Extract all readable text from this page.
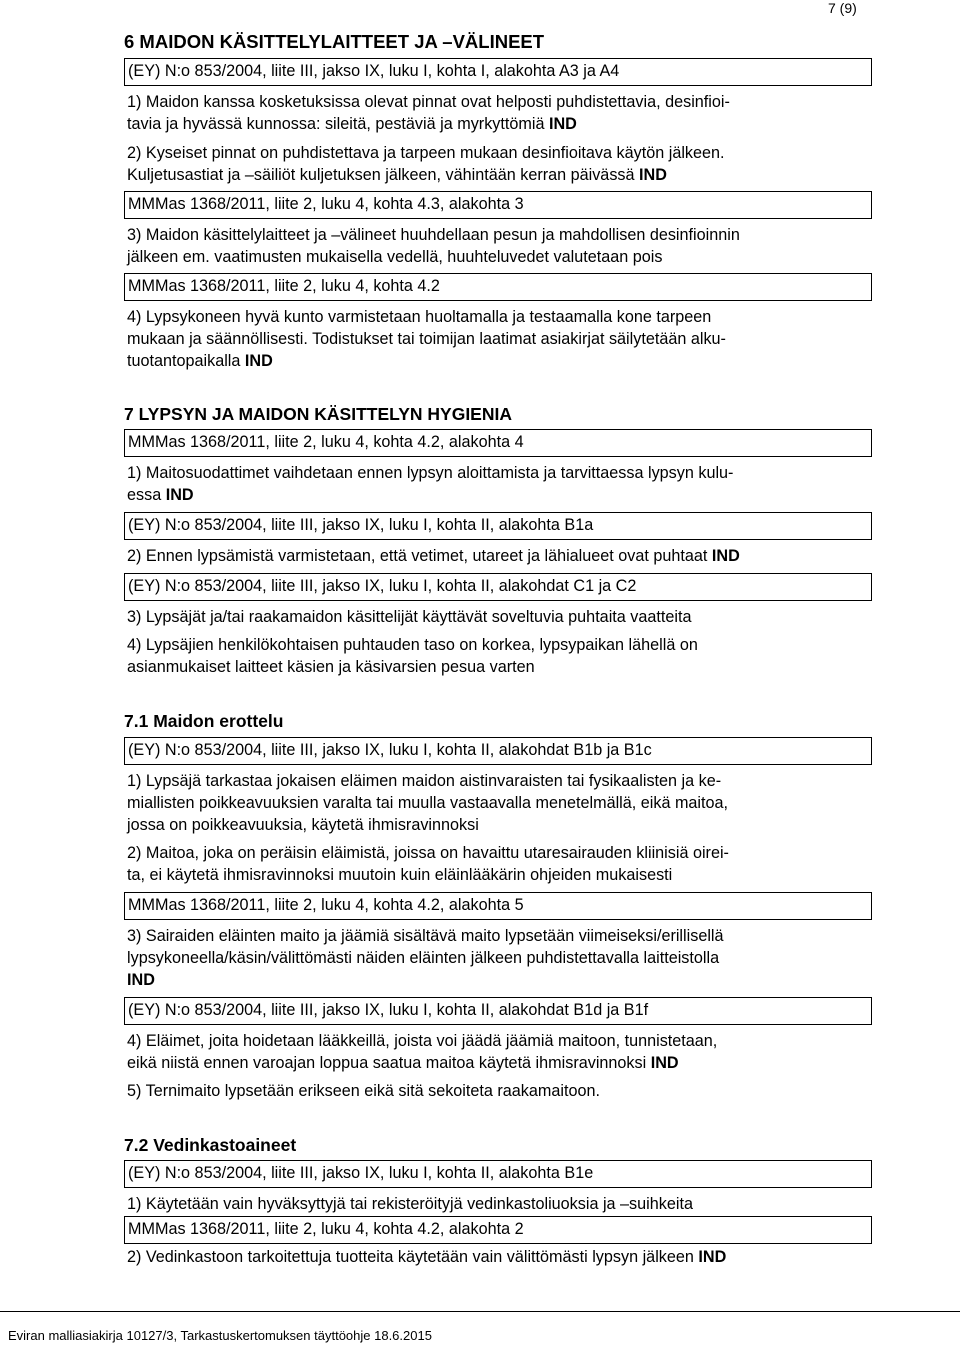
7 (9)
6 MAIDON KÄSITTELYLAITTEET JA –VÄLINEET
(EY) N:o 853/2004, liite III, jakso IX, luku I, kohta I, alakohta A3 ja A4
1) Maidon kanssa kosketuksissa olevat pinnat ovat helposti puhdistettavia, desinfioi-
tavia ja hyvässä kunnossa: sileitä, pestäviä ja myrkyttömiä IND
2) Kyseiset pinnat on puhdistettava ja tarpeen mukaan desinfioitava käytön jälkeen.
Kuljetusastiat ja –säiliöt kuljetuksen jälkeen, vähintään kerran päivässä IND
MMMas 1368/2011, liite 2, luku 4, kohta 4.3, alakohta 3
3) Maidon käsittelylaitteet ja –välineet huuhdellaan pesun ja mahdollisen desinfioinnin
jälkeen em. vaatimusten mukaisella vedellä, huuhteluvedet valutetaan pois
MMMas 1368/2011, liite 2, luku 4, kohta 4.2
4) Lypsykoneen hyvä kunto varmistetaan huoltamalla ja testaamalla kone tarpeen
mukaan ja säännöllisesti. Todistukset tai toimijan laatimat asiakirjat säilytetään alku-
tuotantopaikalla IND
7 LYPSYN JA MAIDON KÄSITTELYN HYGIENIA
MMMas 1368/2011, liite 2, luku 4, kohta 4.2, alakohta 4
1) Maitosuodattimet vaihdetaan ennen lypsyn aloittamista ja tarvittaessa lypsyn kulu-
essa IND
(EY) N:o 853/2004, liite III, jakso IX, luku I, kohta II, alakohta B1a
2) Ennen lypsämistä varmistetaan, että vetimet, utareet ja lähialueet ovat puhtaat IND
(EY) N:o 853/2004, liite III, jakso IX, luku I, kohta II, alakohdat C1 ja C2
3) Lypsäjät ja/tai raakamaidon käsittelijät käyttävät soveltuvia puhtaita vaatteita
4) Lypsäjien henkilökohtaisen puhtauden taso on korkea, lypsypaikan lähellä on
asianmukaiset laitteet käsien ja käsivarsien pesua varten
7.1 Maidon erottelu
(EY) N:o 853/2004, liite III, jakso IX, luku I, kohta II, alakohdat B1b ja B1c
1) Lypsäjä tarkastaa jokaisen eläimen maidon aistinvaraisten tai fysikaalisten ja ke-
miallisten poikkeavuuksien varalta tai muulla vastaavalla menetelmällä, eikä maitoa,
jossa on poikkeavuuksia, käytetä ihmisravinnoksi
2) Maitoa, joka on peräisin eläimistä, joissa on havaittu utaresairauden kliinisiä oirei-
ta, ei käytetä ihmisravinnoksi muutoin kuin eläinlääkärin ohjeiden mukaisesti
MMMas 1368/2011, liite 2, luku 4, kohta 4.2, alakohta 5
3) Sairaiden eläinten maito ja jäämiä sisältävä maito lypsetään viimeiseksi/erillisellä
lypsykoneella/käsin/välittömästi näiden eläinten jälkeen puhdistettavalla laitteistolla
IND
(EY) N:o 853/2004, liite III, jakso IX, luku I, kohta II, alakohdat B1d ja B1f
4) Eläimet, joita hoidetaan lääkkeillä, joista voi jäädä jäämiä maitoon, tunnistetaan,
eikä niistä ennen varoajan loppua saatua maitoa käytetä ihmisravinnoksi IND
5) Ternimaito lypsetään erikseen eikä sitä sekoiteta raakamaitoon.
7.2 Vedinkastoaineet
(EY) N:o 853/2004, liite III, jakso IX, luku I, kohta II, alakohta B1e
1) Käytetään vain hyväksyttyjä tai rekisteröityjä vedinkastoliuoksia ja –suihkeita
MMMas 1368/2011, liite 2, luku 4, kohta 4.2, alakohta 2
2) Vedinkastoon tarkoitettuja tuotteita käytetään vain välittömästi lypsyn jälkeen IND
Eviran malliasiakirja 10127/3, Tarkastuskertomuksen täyttöohje 18.6.2015
